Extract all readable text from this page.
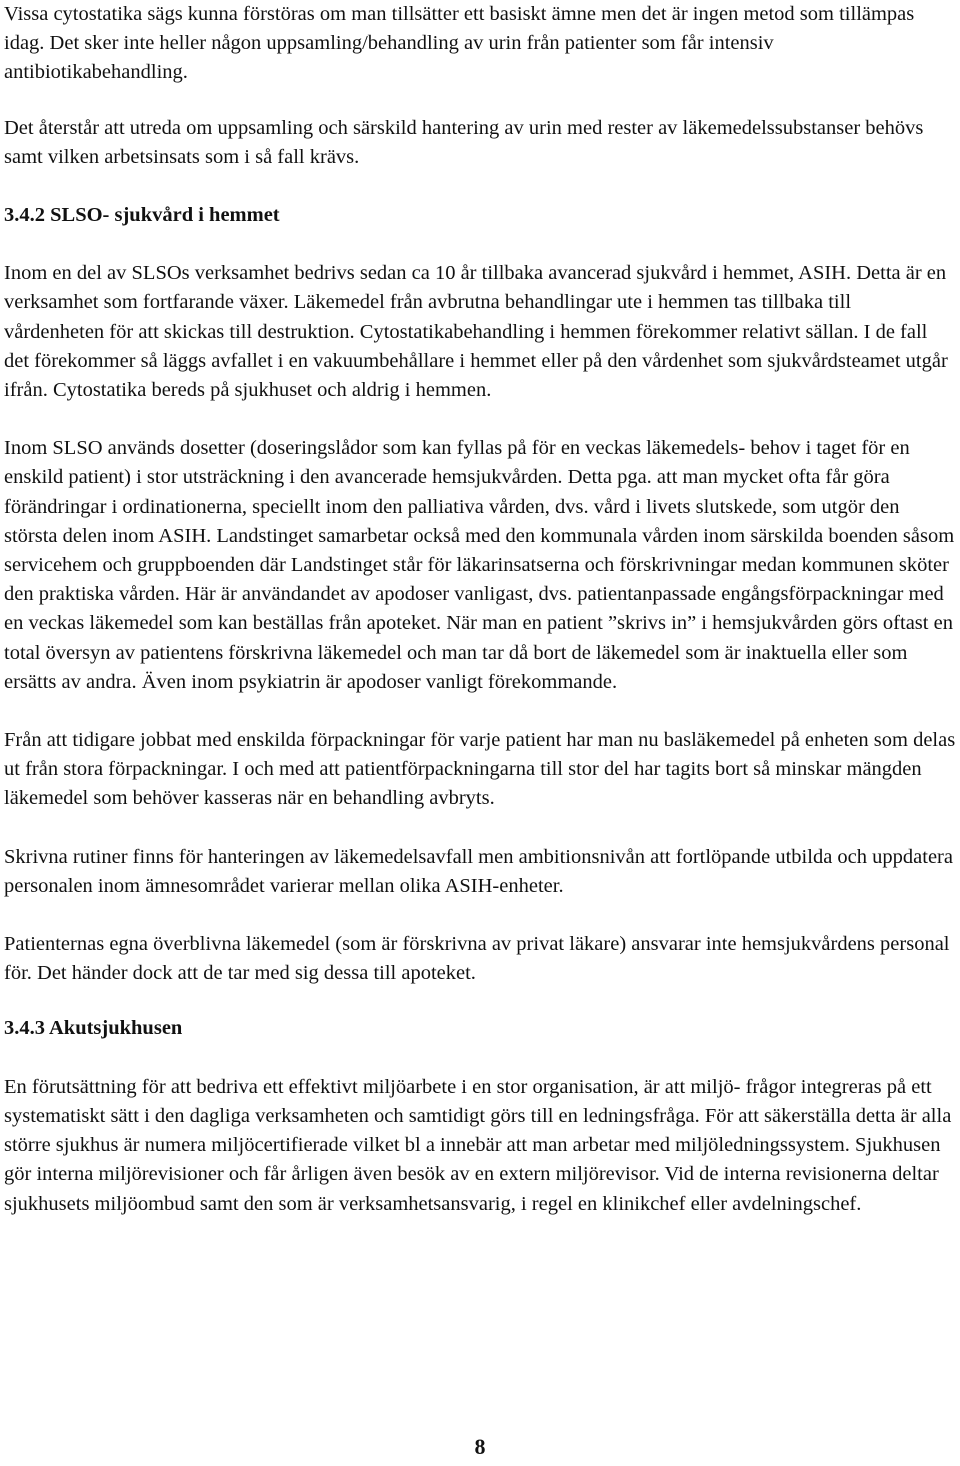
Vissa cytostatika sägs kunna förstöras om man tillsätter ett basiskt ämne men det är ingen metod som tillämpas idag. Det sker inte heller någon uppsamling/behandling av urin från patienter som får intensiv antibiotikabehandling.

Det återstår att utreda om uppsamling och särskild hantering av urin med rester av läkemedelssubstanser behövs samt vilken arbetsinsats som i så fall krävs.

3.4.2 SLSO- sjukvård i hemmet

Inom en del av SLSOs verksamhet bedrivs sedan ca 10 år tillbaka avancerad sjukvård i hemmet, ASIH. Detta är en verksamhet som fortfarande växer. Läkemedel från avbrutna behandlingar ute i hemmen tas tillbaka till vårdenheten för att skickas till destruktion. Cytostatikabehandling i hemmen förekommer relativt sällan. I de fall det förekommer så läggs avfallet i en vakuumbehållare i hemmet eller på den vårdenhet som sjukvårdsteamet utgår ifrån. Cytostatika bereds på sjukhuset och aldrig i hemmen.

Inom SLSO används dosetter (doseringslådor som kan fyllas på för en veckas läkemedels- behov i taget för en enskild patient) i stor utsträckning i den avancerade hemsjukvården. Detta pga. att man mycket ofta får göra förändringar i ordinationerna, speciellt inom den palliativa vården, dvs. vård i livets slutskede, som utgör den största delen inom ASIH. Landstinget samarbetar också med den kommunala vården inom särskilda boenden såsom servicehem och gruppboenden där Landstinget står för läkarinsatserna och förskrivningar medan kommunen sköter den praktiska vården. Här är användandet av apodoser vanligast, dvs. patientanpassade engångsförpackningar med en veckas läkemedel som kan beställas från apoteket. När man en patient ”skrivs in” i hemsjukvården görs oftast en total översyn av patientens förskrivna läkemedel och man tar då bort de läkemedel som är inaktuella eller som ersätts av andra. Även inom psykiatrin är apodoser vanligt förekommande.

Från att tidigare jobbat med enskilda förpackningar för varje patient har man nu basläkemedel på enheten som delas ut från stora förpackningar. I och med att patientförpackningarna till stor del har tagits bort så minskar mängden läkemedel som behöver kasseras när en behandling avbryts.

Skrivna rutiner finns för hanteringen av läkemedelsavfall men ambitionsnivån att fortlöpande utbilda och uppdatera personalen inom ämnesområdet varierar mellan olika ASIH-enheter.

Patienternas egna överblivna läkemedel (som är förskrivna av privat läkare) ansvarar inte hemsjukvårdens personal för. Det händer dock att de tar med sig dessa till apoteket.

3.4.3 Akutsjukhusen

En förutsättning för att bedriva ett effektivt miljöarbete i en stor organisation, är att miljö- frågor integreras på ett systematiskt sätt i den dagliga verksamheten och samtidigt görs till en ledningsfråga. För att säkerställa detta är alla större sjukhus är numera miljöcertifierade vilket bl a innebär att man arbetar med miljöledningssystem. Sjukhusen gör interna miljörevisioner och får årligen även besök av en extern miljörevisor. Vid de interna revisionerna deltar sjukhusets miljöombud samt den som är verksamhetsansvarig, i regel en klinikchef eller avdelningschef.

8
